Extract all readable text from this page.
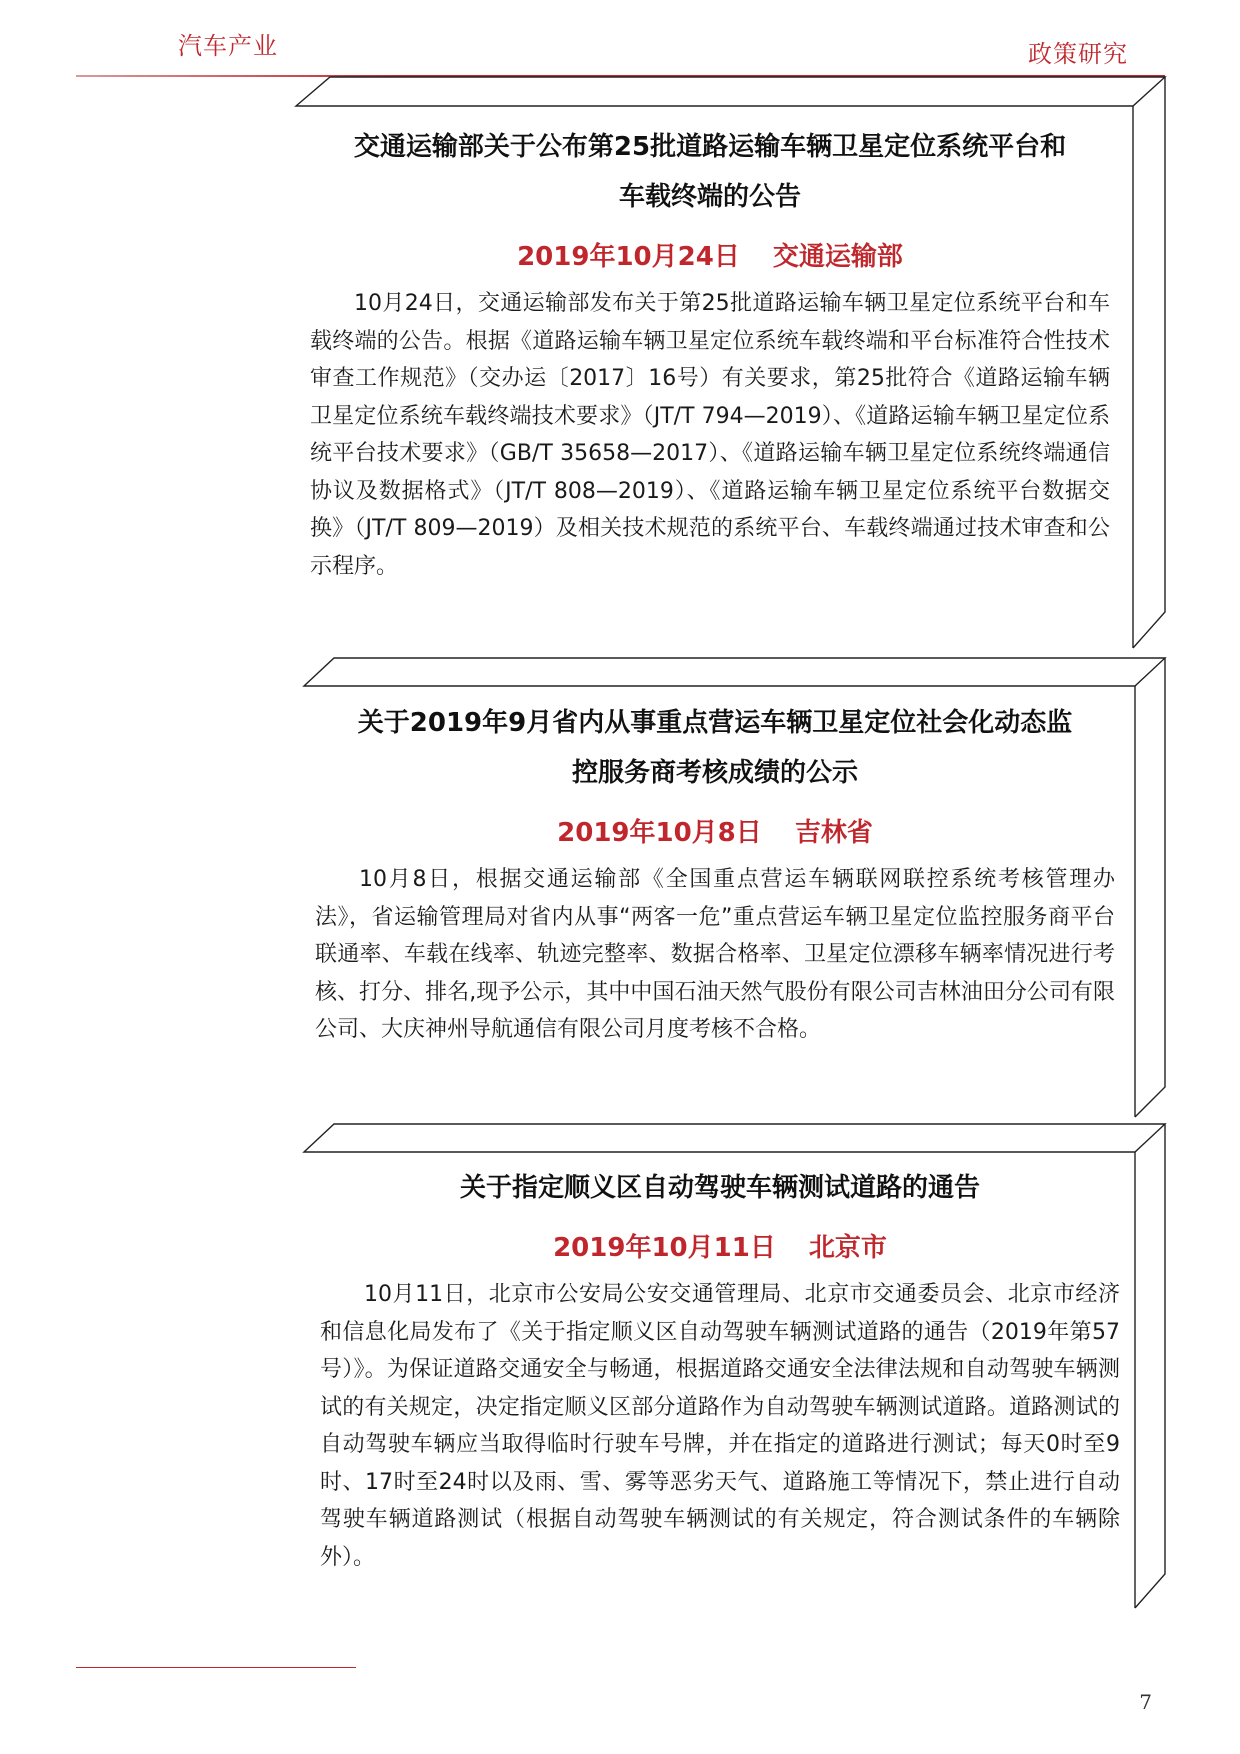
汽车产业	政策研究
交通运输部关于公布第25批道路运输车辆卫星定位系统平台和
车载终端的公告
2019年10月24日 交通运输部
10月24日，交通运输部发布关于第25批道路运输车辆卫星定位系统平台和车载终端的公告。根据《道路运输车辆卫星定位系统车载终端和平台标准符合性技术审查工作规范》（交办运〔2017〕16号）有关要求，第25批符合《道路运输车辆卫星定位系统车载终端技术要求》（JT/T 794—2019）、《道路运输车辆卫星定位系统平台技术要求》（GB/T 35658—2017）、《道路运输车辆卫星定位系统终端通信协议及数据格式》（JT/T 808—2019）、《道路运输车辆卫星定位系统平台数据交换》（JT/T 809—2019）及相关技术规范的系统平台、车载终端通过技术审查和公示程序。
关于2019年9月省内从事重点营运车辆卫星定位社会化动态监
控服务商考核成绩的公示
2019年10月8日 吉林省
10月8日，根据交通运输部《全国重点营运车辆联网联控系统考核管理办法》，省运输管理局对省内从事“两客一危”重点营运车辆卫星定位监控服务商平台联通率、车载在线率、轨迹完整率、数据合格率、卫星定位漂移车辆率情况进行考核、打分、排名,现予公示，其中中国石油天然气股份有限公司吉林油田分公司有限公司、大庆神州导航通信有限公司月度考核不合格。
关于指定顺义区自动驾驶车辆测试道路的通告
2019年10月11日 北京市
10月11日，北京市公安局公安交通管理局、北京市交通委员会、北京市经济和信息化局发布了《关于指定顺义区自动驾驶车辆测试道路的通告（2019年第57号）》。为保证道路交通安全与畅通，根据道路交通安全法律法规和自动驾驶车辆测试的有关规定，决定指定顺义区部分道路作为自动驾驶车辆测试道路。道路测试的自动驾驶车辆应当取得临时行驶车号牌，并在指定的道路进行测试；每天0时至9时、17时至24时以及雨、雪、雾等恶劣天气、道路施工等情况下，禁止进行自动驾驶车辆道路测试（根据自动驾驶车辆测试的有关规定，符合测试条件的车辆除外）。
7
